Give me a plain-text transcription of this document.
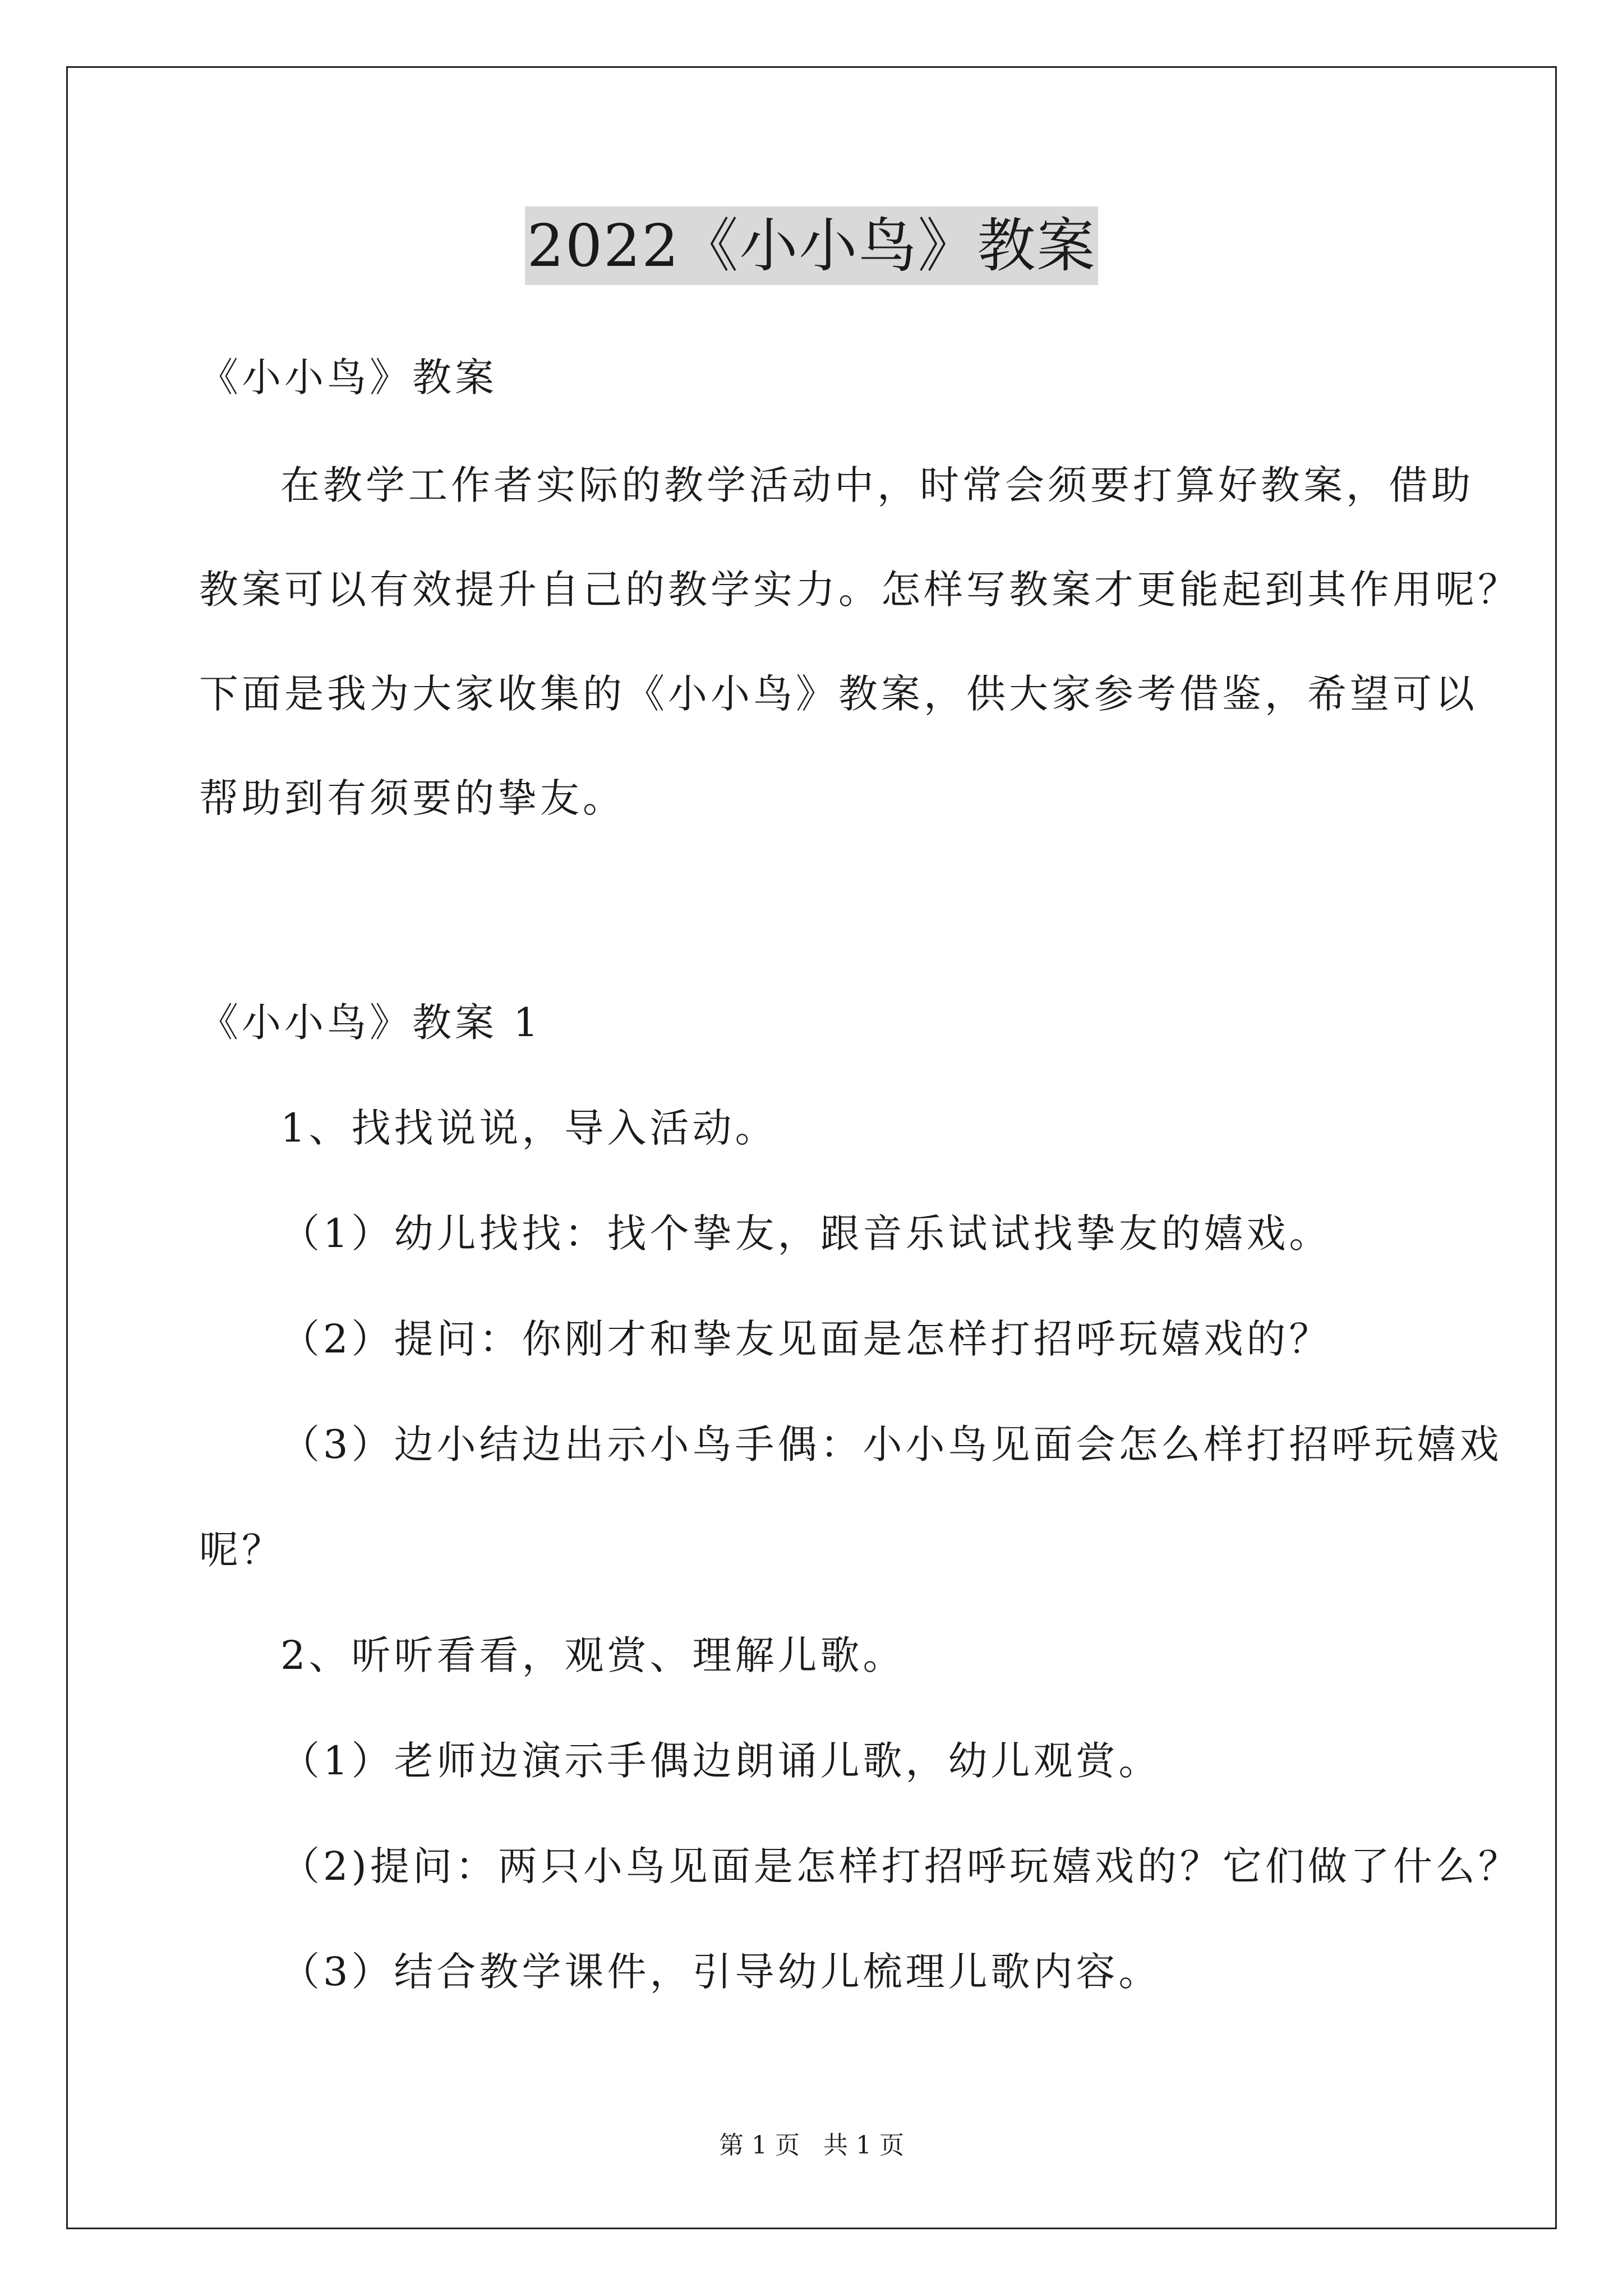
2022《小小鸟》教案
《小小鸟》教案
在教学工作者实际的教学活动中，时常会须要打算好教案，借助
教案可以有效提升自己的教学实力。怎样写教案才更能起到其作用呢？
下面是我为大家收集的《小小鸟》教案，供大家参考借鉴，希望可以
帮助到有须要的挚友。
《小小鸟》教案 1
1、找找说说，导入活动。
（1）幼儿找找：找个挚友，跟音乐试试找挚友的嬉戏。
（2）提问：你刚才和挚友见面是怎样打招呼玩嬉戏的？
（3）边小结边出示小鸟手偶：小小鸟见面会怎么样打招呼玩嬉戏
呢？
2、听听看看，观赏、理解儿歌。
（1）老师边演示手偶边朗诵儿歌，幼儿观赏。
（2)提问：两只小鸟见面是怎样打招呼玩嬉戏的？它们做了什么？
（3）结合教学课件，引导幼儿梳理儿歌内容。
第 1 页   共 1 页
